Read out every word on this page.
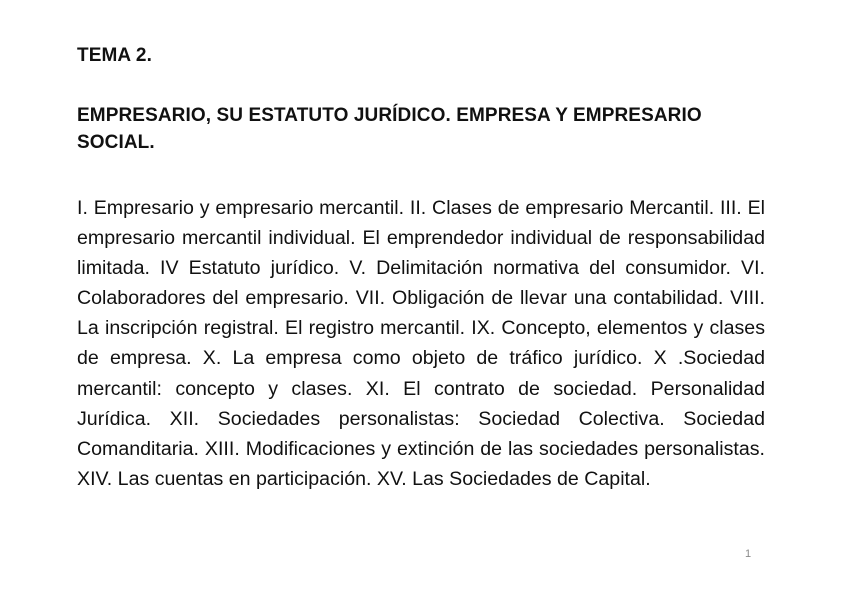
TEMA 2.
EMPRESARIO, SU ESTATUTO JURÍDICO. EMPRESA Y EMPRESARIO SOCIAL.

I. Empresario y empresario mercantil. II. Clases de empresario Mercantil. III. El empresario mercantil individual. El emprendedor individual de responsabilidad limitada. IV Estatuto jurídico. V. Delimitación normativa del consumidor. VI. Colaboradores del empresario. VII. Obligación de llevar una contabilidad. VIII. La inscripción registral. El registro mercantil. IX. Concepto, elementos y clases de empresa. X. La empresa como objeto de tráfico jurídico. X .Sociedad mercantil: concepto y clases. XI. El contrato de sociedad. Personalidad Jurídica. XII. Sociedades personalistas: Sociedad Colectiva. Sociedad Comanditaria. XIII. Modificaciones y extinción de las sociedades personalistas. XIV. Las cuentas en participación. XV. Las Sociedades de Capital.

1
